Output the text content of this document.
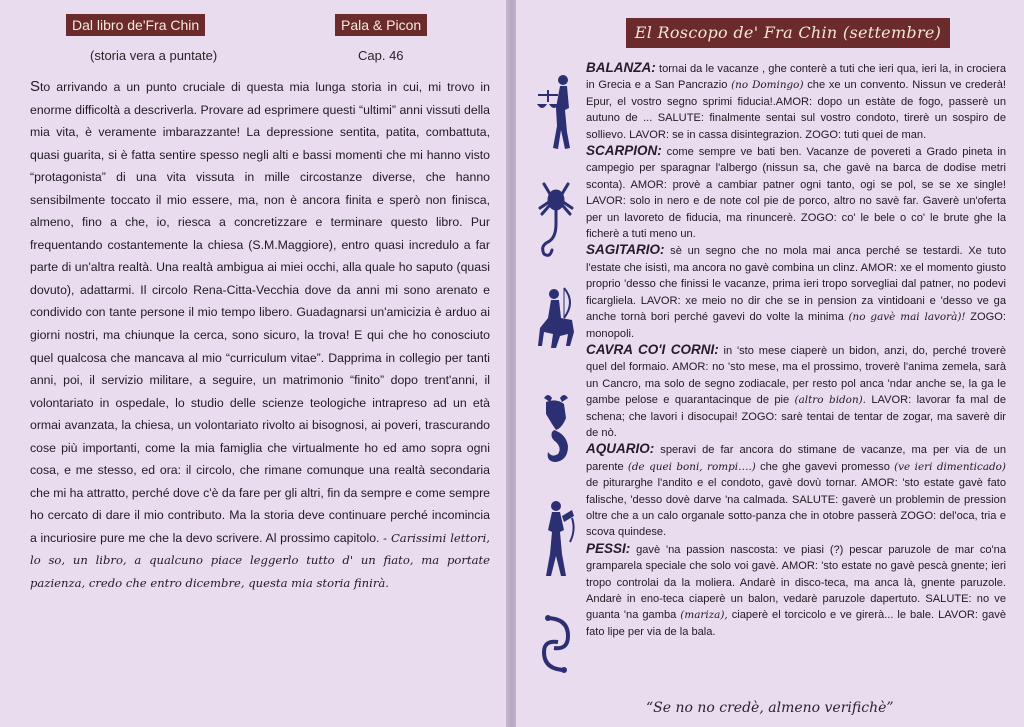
Dal libro de'Fra Chin	Pala & Picon
(storia vera a puntate)	Cap. 46
Sto arrivando a un punto cruciale di questa mia lunga storia in cui, mi trovo in enorme difficoltà a descriverla. Provare ad esprimere questi “ultimi” anni vissuti della mia vita, è veramente imbarazzante! La depressione sentita, patita, combattuta, quasi guarita, si è fatta sentire spesso negli alti e bassi momenti che mi hanno visto “protagonista” di una vita vissuta in mille circostanze diverse, che hanno sensibilmente toccato il mio essere, ma, non è ancora finita e sperò non finisca, almeno, fino a che, io, riesca a concretizzare e terminare questo libro. Pur frequentando costantemente la chiesa (S.M.Maggiore), entro quasi incredulo a far parte di un'altra realtà. Una realtà ambigua ai miei occhi, alla quale ho saputo (quasi dovuto), adattarmi. Il circolo Rena-Citta-Vecchia dove da anni mi sono arenato e condivido con tante persone il mio tempo libero. Guadagnarsi un'amicizia è arduo ai giorni nostri, ma chiunque la cerca, sono sicuro, la trova! E qui che ho conosciuto quel qualcosa che mancava al mio “curriculum vitae”. Dapprima in collegio per tanti anni, poi, il servizio militare, a seguire, un matrimonio “finito” dopo trent'anni, il volontariato in ospedale, lo studio delle scienze teologiche intrapreso ad un età ormai avanzata, la chiesa, un volontariato rivolto ai bisognosi, ai poveri, trascurando cose più importanti, come la mia famiglia che virtualmente ho ed amo sopra ogni cosa, e me stesso, ed ora: il circolo, che rimane comunque una realtà secondaria che mi ha attratto, perché dove c'è da fare per gli altri, fin da sempre e come sempre ho cercato di dare il mio contributo. Ma la storia deve continuare perché incomincia a incuriosire pure me che la devo scrivere. Al prossimo capitolo. - Carissimi lettori, lo so, un libro, a qualcuno piace leggerlo tutto d' un fiato, ma portate pazienza, credo che entro dicembre, questa mia storia finirà.
El Roscopo de' Fra Chin (settembre)

BALANZA: tornai da le vacanze , ghe conterè a tuti che ieri qua, ieri la, in crociera in Grecia e a San Pancrazio (no Domingo) che xe un convento. Nissun ve crederà! Epur, el vostro segno sprimi fiducia!.AMOR: dopo un estàte de fogo, passerè un autuno de ... SALUTE: finalmente sentai sul vostro condoto, tirerè un sospiro de sollievo. LAVOR: se in cassa disintegrazion. ZOGO: tuti quei de man.

SCARPION: come sempre ve bati ben. Vacanze de povereti a Grado pineta in campegio per sparagnar l'albergo (nissun sa, che gavè na barca de dodise metri sconta). AMOR: provè a cambiar patner ogni tanto, ogi se pol, se se xe single! LAVOR: solo in nero e de note col pie de porco, altro no savè far. Gaverè un'oferta per un lavoreto de fiducia, ma rinuncerè. ZOGO: co' le bele o co' le brute ghe la ficherè a tuti meno un.

SAGITARIO: sè un segno che no mola mai anca perché se testardi. Xe tuto l'estate che isistì, ma ancora no gavè combina un clinz. AMOR: xe el momento giusto proprio 'desso che finissi le vacanze, prima ieri tropo sorvegliai dal patner, no podevi ficargliela. LAVOR: xe meio no dir che se in pension za vintidoani e 'desso ve ga anche tornà bori perché gavevi do volte la minima (no gavè mai lavorà)! ZOGO: monopoli.

CAVRA CO'I CORNI: in 'sto mese ciaperè un bidon, anzi, do, perché troverè quel del formaio. AMOR: no 'sto mese, ma el prossimo, troverè l'anima zemela, sarà un Cancro, ma solo de segno zodiacale, per resto pol anca 'ndar anche se, la ga le gambe pelose e quarantacinque de pie (altro bidon). LAVOR: lavorar fa mal de schena; che lavori i disocupai! ZOGO: sarè tentai de tentar de zogar, ma saverè dir de nò.

AQUARIO: speravi de far ancora do stimane de vacanze, ma per via de un parente (de quei boni, rompi….) che ghe gavevi promesso (ve ieri dimenticado) de piturarghe l'andito e el condoto, gavè dovù tornar. AMOR: 'sto estate gavè fato falische, 'desso dovè darve 'na calmada. SALUTE: gaverè un problemin de pression oltre che a un calo organale sotto-panza che in otobre passerà ZOGO: del'oca, tria e scova quindese.

PESSI: gavè 'na passion nascosta: ve piasi (?) pescar paruzole de mar co'na gramparela speciale che solo voi gavè. AMOR: 'sto estate no gavè pescà gnente; ieri tropo controlai da la moliera. Andarè in disco-teca, ma anca là, gnente paruzole. Andarè in eno-teca ciaperè un balon, vedarè paruzole dapertuto. SALUTE: no ve guanta 'na gamba (mariza), ciaperè el torcicolo e ve girerà... le bale. LAVOR: gavè fato lipe per via de la bala.

“Se no no credè, almeno verifichè”
